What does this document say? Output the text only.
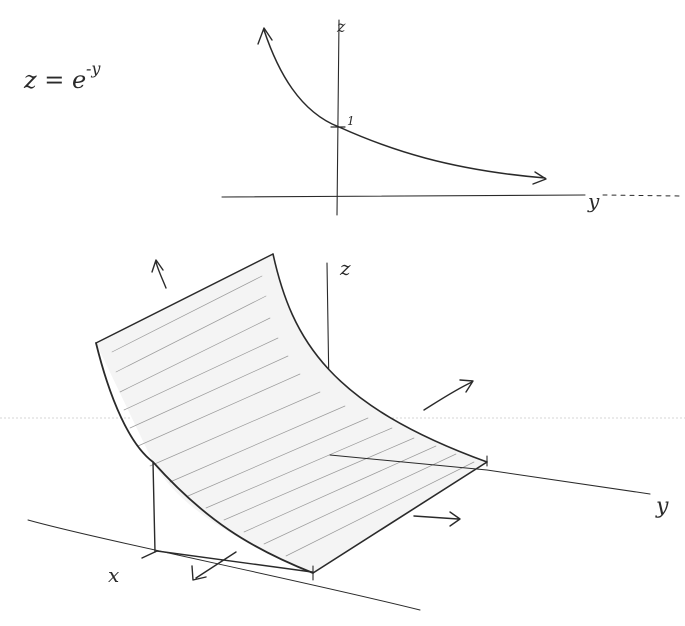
z = e -y
z
y
1
z
x
y
